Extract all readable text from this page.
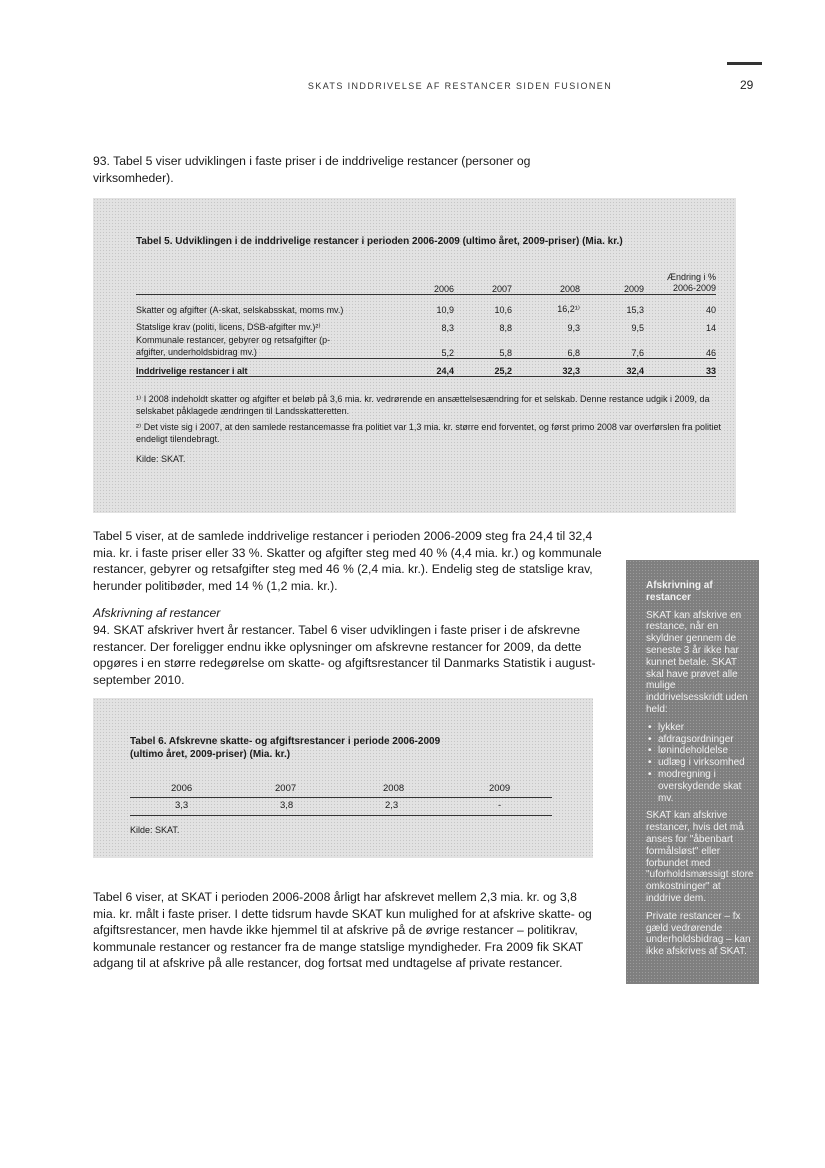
SKATS INDDRIVELSE AF RESTANCER SIDEN FUSIONEN	29

93. Tabel 5 viser udviklingen i faste priser i de inddrivelige restancer (personer og virksomheder).

Tabel 5. Udviklingen i de inddrivelige restancer i perioden 2006-2009 (ultimo året, 2009-priser) (Mia. kr.)
	2006	2007	2008	2009	Ændring i % 2006-2009
Skatter og afgifter (A-skat, selskabsskat, moms mv.)	10,9	10,6	16,2¹⁾	15,3	40
Statslige krav (politi, licens, DSB-afgifter mv.)²⁾	8,3	8,8	9,3	9,5	14
Kommunale restancer, gebyrer og retsafgifter (p-afgifter, underholdsbidrag mv.)	5,2	5,8	6,8	7,6	46
Inddrivelige restancer i alt	24,4	25,2	32,3	32,4	33
¹⁾ I 2008 indeholdt skatter og afgifter et beløb på 3,6 mia. kr. vedrørende en ansættelsesændring for et selskab. Denne restance udgik i 2009, da selskabet påklagede ændringen til Landsskatteretten.
²⁾ Det viste sig i 2007, at den samlede restancemasse fra politiet var 1,3 mia. kr. større end forventet, og først primo 2008 var overførslen fra politiet endeligt tilendebragt.
Kilde: SKAT.

Tabel 5 viser, at de samlede inddrivelige restancer i perioden 2006-2009 steg fra 24,4 til 32,4 mia. kr. i faste priser eller 33 %. Skatter og afgifter steg med 40 % (4,4 mia. kr.) og kommunale restancer, gebyrer og retsafgifter steg med 46 % (2,4 mia. kr.). Endelig steg de statslige krav, herunder politibøder, med 14 % (1,2 mia. kr.).

Afskrivning af restancer

94. SKAT afskriver hvert år restancer. Tabel 6 viser udviklingen i faste priser i de afskrevne restancer. Der foreligger endnu ikke oplysninger om afskrevne restancer for 2009, da dette opgøres i en større redegørelse om skatte- og afgiftsrestancer til Danmarks Statistik i august-september 2010.

Tabel 6. Afskrevne skatte- og afgiftsrestancer i periode 2006-2009 (ultimo året, 2009-priser) (Mia. kr.)
2006	2007	2008	2009
3,3	3,8	2,3	-
Kilde: SKAT.

Tabel 6 viser, at SKAT i perioden 2006-2008 årligt har afskrevet mellem 2,3 mia. kr. og 3,8 mia. kr. målt i faste priser. I dette tidsrum havde SKAT kun mulighed for at afskrive skatte- og afgiftsrestancer, men havde ikke hjemmel til at afskrive på de øvrige restancer – politikrav, kommunale restancer og restancer fra de mange statslige myndigheder. Fra 2009 fik SKAT adgang til at afskrive på alle restancer, dog fortsat med undtagelse af private restancer.

Afskrivning af restancer

SKAT kan afskrive en restance, når en skyldner gennem de seneste 3 år ikke har kunnet betale. SKAT skal have prøvet alle mulige inddrivelsesskridt uden held:

• lykker
• afdragsordninger
• lønindeholdelse
• udlæg i virksomhed
• modregning i overskydende skat mv.

SKAT kan afskrive restancer, hvis det må anses for "åbenbart formålsløst" eller forbundet med "uforholdsmæssigt store omkostninger" at inddrive dem.

Private restancer – fx gæld vedrørende underholdsbidrag – kan ikke afskrives af SKAT.
